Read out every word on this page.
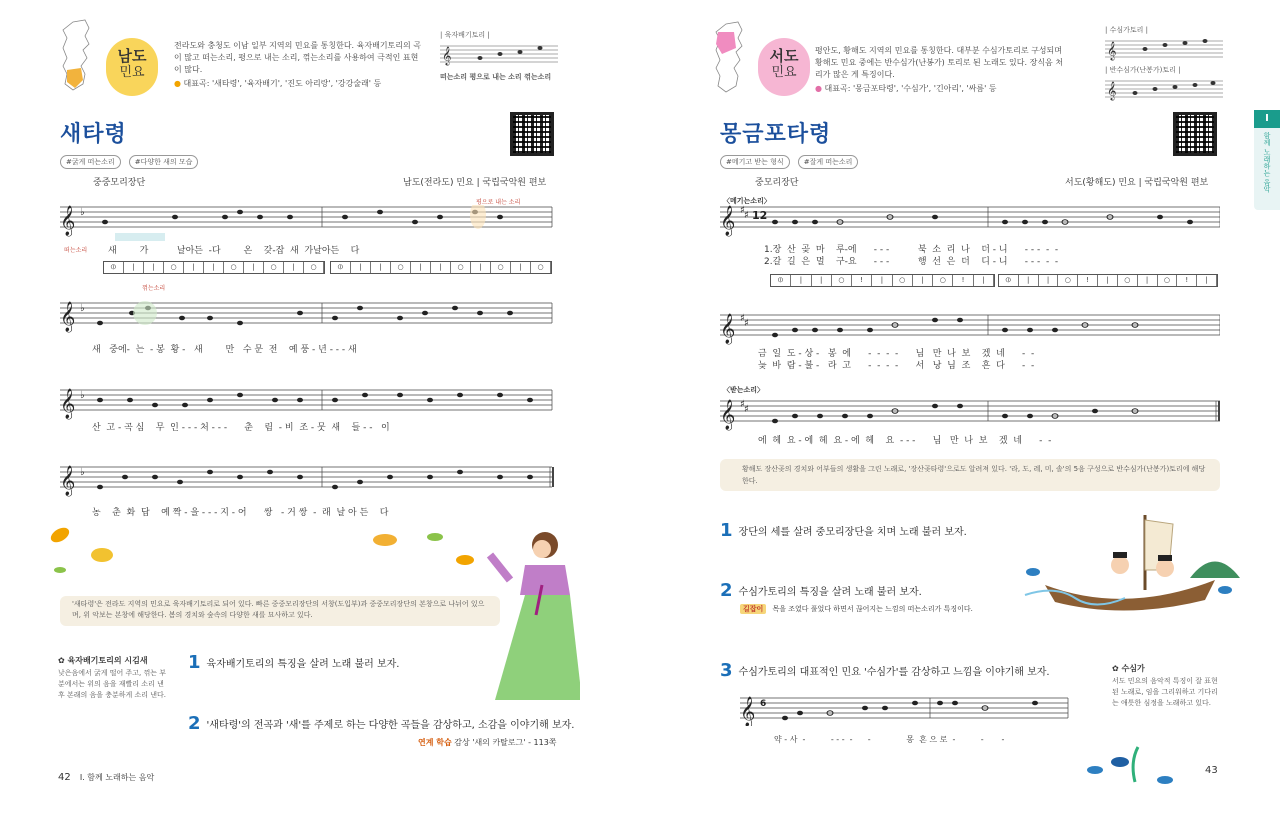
남도
민요
전라도와 충청도 이남 일부 지역의 민요를 통칭한다. 육자배기토리의 곡이 많고 떠는소리, 평으로 내는 소리, 꺾는소리를 사용하여 극적인 표현이 많다.
● 대표곡: '새타령', '육자배기', '진도 아리랑', '강강술래' 등
| 육자배기토리 |
𝄞
떠는소리 평으로 내는 소리 꺾는소리
새타령
#굵게 떠는소리	#다양한 새의 모습
중중모리장단	남도(전라도) 민요 | 국립국악원 편보
평으로 내는 소리
떠는소리
꺾는소리
𝄞
𝄞
𝄞
𝄞
♭
♭
♭
♭
새        가          날아든  -다        온    갖-잡  새  가날아든    다
⦶	|	|	○	|	|	○	|	○	|	○	⦶	|	|	○	|	|	○	|	○	|	○
새   중에-  는  - 봉  황 -   새        만   수 문  전    예 풍 - 년 - - - 새
산  고 - 곡 심    무  인 - - - 처 - - -      춘    림  - 비  조 - 뭇  새    들 - -   이
농    춘  화  답    예 짝 - 을 - - - 지 - 어      쌍   - 거 쌍  -  래  날 아 든    다
'새타령'은 전라도 지역의 민요로 육자배기토리로 되어 있다. 빠른 중중모리장단의 서창(도입부)과 중중모리장단의 본창으로 나뉘어 있으며, 위 악보는 본창에 해당한다. 봄의 경치와 숲속의 다양한 새를 묘사하고 있다.
✿ 육자배기토리의 시김새
낮은음에서 굵게 떨어 주고, 꺾는 부분에서는 위의 음을 재빨리 소리 낸 후 본래의 음을 충분하게 소리 낸다.
1 육자배기토리의 특징을 살려 노래 불러 보자.
2 '새타령'의 전곡과 '새'를 주제로 하는 다양한 곡들을 감상하고, 소감을 이야기해 보자.
연계 학습 감상 '새의 카탈로그' - 113쪽
42 I. 함께 노래하는 음악
서도
민요
평안도, 황해도 지역의 민요를 통칭한다. 대부분 수심가토리로 구성되며 황해도 민요 중에는 반수심가(난봉가) 토리로 된 노래도 있다. 장식음 처리가 많은 게 특징이다.
● 대표곡: '몽금포타령', '수심가', '긴아리', '싸름' 등
| 수심가토리 |
𝄞
| 반수심가(난봉가)토리 |
𝄞
몽금포타령
#메기고 받는 형식	#잘게 떠는소리
I
함께 노래하는 음악
중모리장단	서도(황해도) 민요 | 국립국악원 편보
〈메기는소리〉
〈받는소리〉
𝄞
𝄞
𝄞
♯ ♯
♯ ♯
♯ ♯
12
1.장  산  곶  마    루-에      - - -          북  소  리  나    더 - 니      - - -  -  -
2.갈  길  은  멀    구-요      - - -          행  선  은  더    디 - 니      - - -  -  -
⦶	|	|	○	!	|	○	|	○	!	|	⦶	|	|	○	!	|	○	|	○	!	|
금  일  도 - 상 -   봉  에      -  -  -  -      님   만  나  보    겠  네      -  -
늦  바  람 - 불 -   라  고      -  -  -  -      서   낭  님  조    흔  다      -  -
에  헤  요 - 에  헤  요 - 에  헤    요  - - -      님   만  나  보    겠  네      -  -
황해도 장산곶의 경치와 어부들의 생활을 그린 노래로, '장산곶타령'으로도 알려져 있다. '라, 도, 레, 미, 솔'의 5음 구성으로 반수심가(난봉가)토리에 해당한다.
1 장단의 세를 살려 중모리장단을 치며 노래 불러 보자.
2 수심가토리의 특징을 살려 노래 불러 보자.
길잡이 목을 조였다 풀었다 하면서 끊어지는 느낌의 떠는소리가 특징이다.
3 수심가토리의 대표적인 민요 '수심가'를 감상하고 느낌을 이야기해 보자.
𝄞 6
약 - 사  -          - - -  -      -              몽  혼 으 로  -          -       -
✿ 수심가
서도 민요의 음악적 특징이 잘 표현된 노래로, 임을 그리워하고 기다리는 애틋한 심정을 노래하고 있다.
43
